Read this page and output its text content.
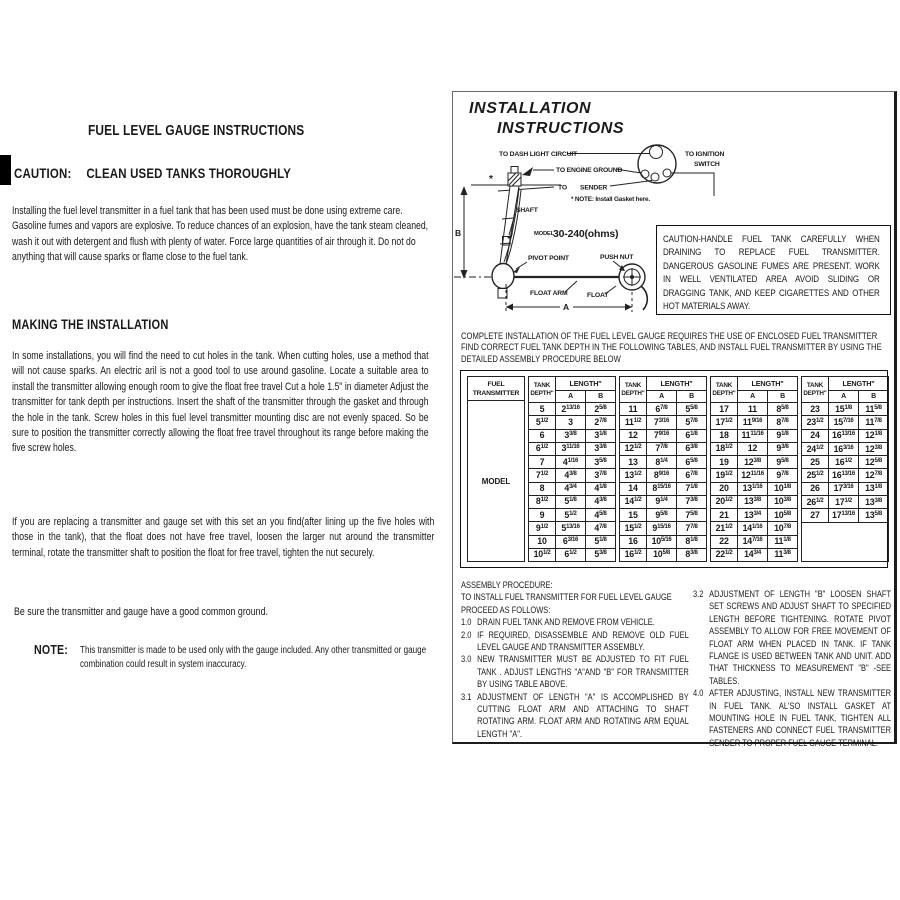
FUEL LEVEL GAUGE INSTRUCTIONS
CAUTION: CLEAN USED TANKS THOROUGHLY
Installing the fuel level transmitter in a fuel tank that has been used must be done using extreme care. Gasoline fumes and vapors are explosive. To reduce chances of an explosion, have the tank steam cleaned, wash it out with detergent and flush with plenty of water. Force large quantities of air through it. Do not do anything that will cause sparks or flame close to the fuel tank.
MAKING THE INSTALLATION
In some installations, you will find the need to cut holes in the tank. When cutting holes, use a method that will not cause sparks. An electric aril is not a good tool to use around gasoline. Locate a suitable area to install the transmitter allowing enough room to give the float free travel Cut a hole 1.5" in diameter Adjust the transmitter for tank depth per instructions. Insert the shaft of the transmitter through the gasket and through the hole in the tank. Screw holes in this fuel level transmitter mounting disc are not evenly spaced. So be sure to position the transmitter correctly allowing the float free travel throughout its range before making the five screw holes.
If you are replacing a transmitter and gauge set with this set an you find(after lining up the five holes with those in the tank), that the float does not have free travel, loosen the larger nut around the transmitter terminal, rotate the transmitter shaft to position the float for free travel, tighten the nut securely.
Be sure the transmitter and gauge have a good common ground.
NOTE:	This transmitter is made to be used only with the gauge included. Any other transmitted or gauge combination could result in system inaccuracy.
INSTALLATION
INSTRUCTIONS
TO DASH LIGHT CIRCUIT
TO ENGINE GROUND
TO SENDER
TO IGNITION
SWITCH
* NOTE: Install Gasket here.
*
SHAFT
MODEL 30-240(ohms)
PIVOT POINT	PUSH NUT
FLOAT ARM	FLOAT
A
B	CAUTION-HANDLE FUEL TANK CAREFULLY WHEN DRAINING TO REPLACE FUEL TRANSMITTER. DANGEROUS GASOLINE FUMES ARE PRESENT. WORK IN WELL VENTILATED AREA AVOID SLIDING OR DRAGGING TANK, AND KEEP CIGARETTES AND OTHER HOT MATERIALS AWAY.
COMPLETE INSTALLATION OF THE FUEL LEVEL GAUGE REQUIRES THE USE OF ENCLOSED FUEL TRANSMITTER FIND CORRECT FUEL TANK DEPTH IN THE FOLLOWING TABLES, AND INSTALL FUEL TRANSMITTER BY USING THE DETAILED ASSEMBLY PROCEDURE BELOW
FUEL
TRANSMITTER
MODEL
TANK
DEPTH"	LENGTH"	
	A	B
5	$2^{13/16}$	$2^{5/8}$
$5^{1/2}$	3	$2^{7/8}$
6	$3^{3/8}$	$3^{1/8}$
$6^{1/2}$	$3^{11/16}$	$3^{3/8}$
7	$4^{1/16}$	$3^{5/8}$
$7^{1/2}$	$4^{3/8}$	$3^{7/8}$
8	$4^{3/4}$	$4^{1/8}$
$8^{1/2}$	$5^{1/8}$	$4^{3/8}$
9	$5^{1/2}$	$4^{5/8}$
$9^{1/2}$	$5^{13/16}$	$4^{7/8}$
10	$6^{3/16}$	$5^{1/8}$
$10^{1/2}$	$6^{1/2}$	$5^{3/8}$
TANK
DEPTH"	LENGTH"	
	A	B
11	$6^{7/8}$	$5^{5/8}$
$11^{1/2}$	$7^{3/16}$	$5^{7/8}$
12	$7^{9/16}$	$6^{1/8}$
$12^{1/2}$	$7^{7/8}$	$6^{3/8}$
13	$8^{1/4}$	$6^{5/8}$
$13^{1/2}$	$8^{9/16}$	$6^{7/8}$
14	$8^{15/16}$	$7^{1/8}$
$14^{1/2}$	$9^{1/4}$	$7^{3/8}$
15	$9^{5/8}$	$7^{5/8}$
$15^{1/2}$	$9^{15/16}$	$7^{7/8}$
16	$10^{5/16}$	$8^{1/8}$
$16^{1/2}$	$10^{5/8}$	$8^{3/8}$
TANK
DEPTH"	LENGTH"	
	A	B
17	11	$8^{5/8}$
$17^{1/2}$	$11^{9/16}$	$8^{7/8}$
18	$11^{11/16}$	$9^{1/8}$
$18^{1/2}$	12	$9^{3/8}$
19	$12^{3/8}$	$9^{5/8}$
$19^{1/2}$	$12^{11/16}$	$9^{7/8}$
20	$13^{1/16}$	$10^{1/8}$
$20^{1/2}$	$13^{3/8}$	$10^{3/8}$
21	$13^{3/4}$	$10^{5/8}$
$21^{1/2}$	$14^{1/16}$	$10^{7/8}$
22	$14^{7/16}$	$11^{1/8}$
$22^{1/2}$	$14^{3/4}$	$11^{3/8}$
TANK
DEPTH"	LENGTH"	
	A	B
23	$15^{1/8}$	$11^{5/8}$
$23^{1/2}$	$15^{7/16}$	$11^{7/8}$
24	$16^{13/16}$	$12^{1/8}$
$24^{1/2}$	$16^{3/16}$	$12^{3/8}$
25	$16^{1/2}$	$12^{5/8}$
$25^{1/2}$	$16^{13/16}$	$12^{7/8}$
26	$17^{3/16}$	$13^{1/8}$
$26^{1/2}$	$17^{1/2}$	$13^{3/8}$
27	$17^{13/16}$	$13^{5/8}$

ASSEMBLY PROCEDURE:
TO INSTALL FUEL TRANSMITTER FOR FUEL LEVEL GAUGE PROCEED AS FOLLOWS:
1.0 DRAIN FUEL TANK AND REMOVE FROM VEHICLE.
2.0 IF REQUIRED, DISASSEMBLE AND REMOVE OLD FUEL LEVEL GAUGE AND TRANSMITTER ASSEMBLY.
3.0 NEW TRANSMITTER MUST BE ADJUSTED TO FIT FUEL TANK . ADJUST LENGTHS "A"AND "B" FOR TRANSMITTER BY USING TABLE ABOVE.
3.1 ADJUSTMENT OF LENGTH "A" IS ACCOMPLISHED BY CUTTING FLOAT ARM AND ATTACHING TO SHAFT ROTATING ARM. FLOAT ARM AND ROTATING ARM EQUAL LENGTH "A".
3.2 ADJUSTMENT OF LENGTH "B" LOOSEN SHAFT SET SCREWS AND ADJUST SHAFT TO SPECIFIED LENGTH BEFORE TIGHTENING. ROTATE PIVOT ASSEMBLY TO ALLOW FOR FREE MOVEMENT OF FLOAT ARM WHEN PLACED IN TANK. IF TANK FLANGE IS USED BETWEEN TANK AND UNIT. ADD THAT THICKNESS TO MEASUREMENT "B" -SEE TABLES.
4.0 AFTER ADJUSTING, INSTALL NEW TRANSMITTER IN FUEL TANK. AL'SO INSTALL GASKET AT MOUNTING HOLE IN FUEL TANK, TIGHTEN ALL FASTENERS AND CONNECT FUEL TRANSMITTER SENDER TO PROPER FUEL GAUGE TERMINAL.
